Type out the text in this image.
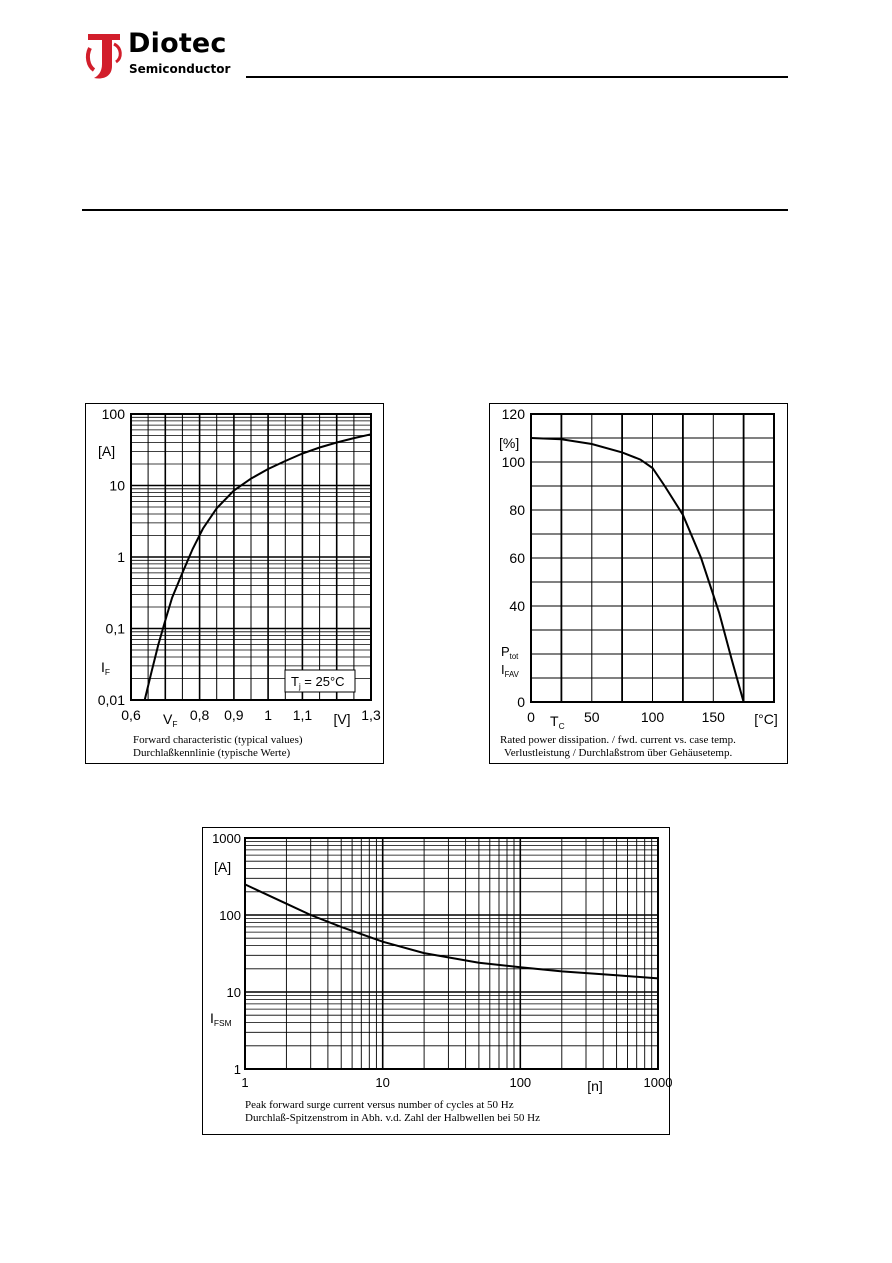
Diotec
Semiconductor
100
10
1
0,1
0,01
0,6	0,8 0,9 1 1,1	1,3
[A]
$I_F$
$V_F$	[V]
$T_j = 25^\circ C$
Forward characteristic (typical values)
Durchlaßkennlinie (typische Werte)
120
100
80
60
40
0
0	50	100	150
[%]
$P_{tot}$
$I_{FAV}$
$T_C$	[°C]
Rated power dissipation. / fwd. current vs. case temp.
Verlustleistung / Durchlaßstrom über Gehäusetemp.
1000
100
10
1
1	10	100	1000
[A]
$I_{FSM}$
[n]
Peak forward surge current versus number of cycles at 50 Hz
Durchlaß-Spitzenstrom in Abh. v.d. Zahl der Halbwellen bei 50 Hz
